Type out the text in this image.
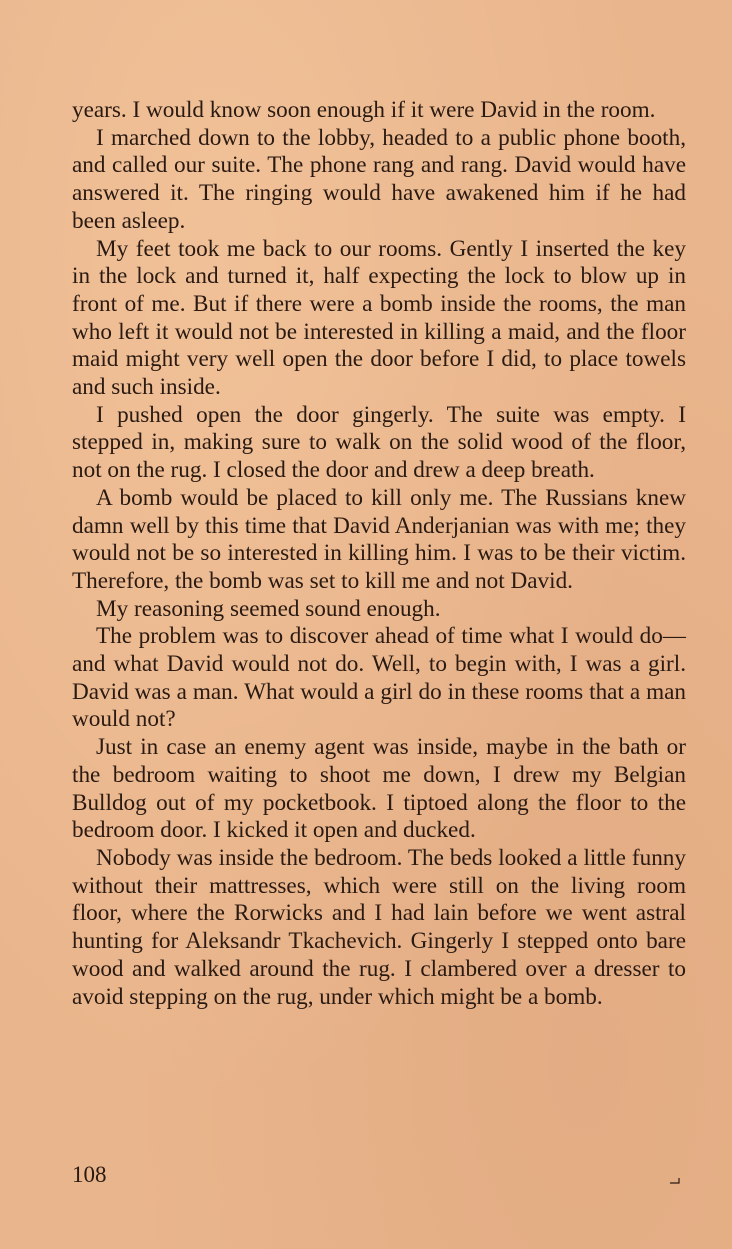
years. I would know soon enough if it were David in the room.

I marched down to the lobby, headed to a public phone booth, and called our suite. The phone rang and rang. David would have answered it. The ringing would have awakened him if he had been asleep.

My feet took me back to our rooms. Gently I inserted the key in the lock and turned it, half expecting the lock to blow up in front of me. But if there were a bomb inside the rooms, the man who left it would not be interested in killing a maid, and the floor maid might very well open the door before I did, to place towels and such inside.

I pushed open the door gingerly. The suite was empty. I stepped in, making sure to walk on the solid wood of the floor, not on the rug. I closed the door and drew a deep breath.

A bomb would be placed to kill only me. The Russians knew damn well by this time that David Anderjanian was with me; they would not be so interested in killing him. I was to be their victim. Therefore, the bomb was set to kill me and not David.

My reasoning seemed sound enough.

The problem was to discover ahead of time what I would do—and what David would not do. Well, to begin with, I was a girl. David was a man. What would a girl do in these rooms that a man would not?

Just in case an enemy agent was inside, maybe in the bath or the bedroom waiting to shoot me down, I drew my Belgian Bulldog out of my pocketbook. I tiptoed along the floor to the bedroom door. I kicked it open and ducked.

Nobody was inside the bedroom. The beds looked a little funny without their mattresses, which were still on the living room floor, where the Rorwicks and I had lain before we went astral hunting for Aleksandr Tkachevich. Gingerly I stepped onto bare wood and walked around the rug. I clambered over a dresser to avoid stepping on the rug, under which might be a bomb.

108
